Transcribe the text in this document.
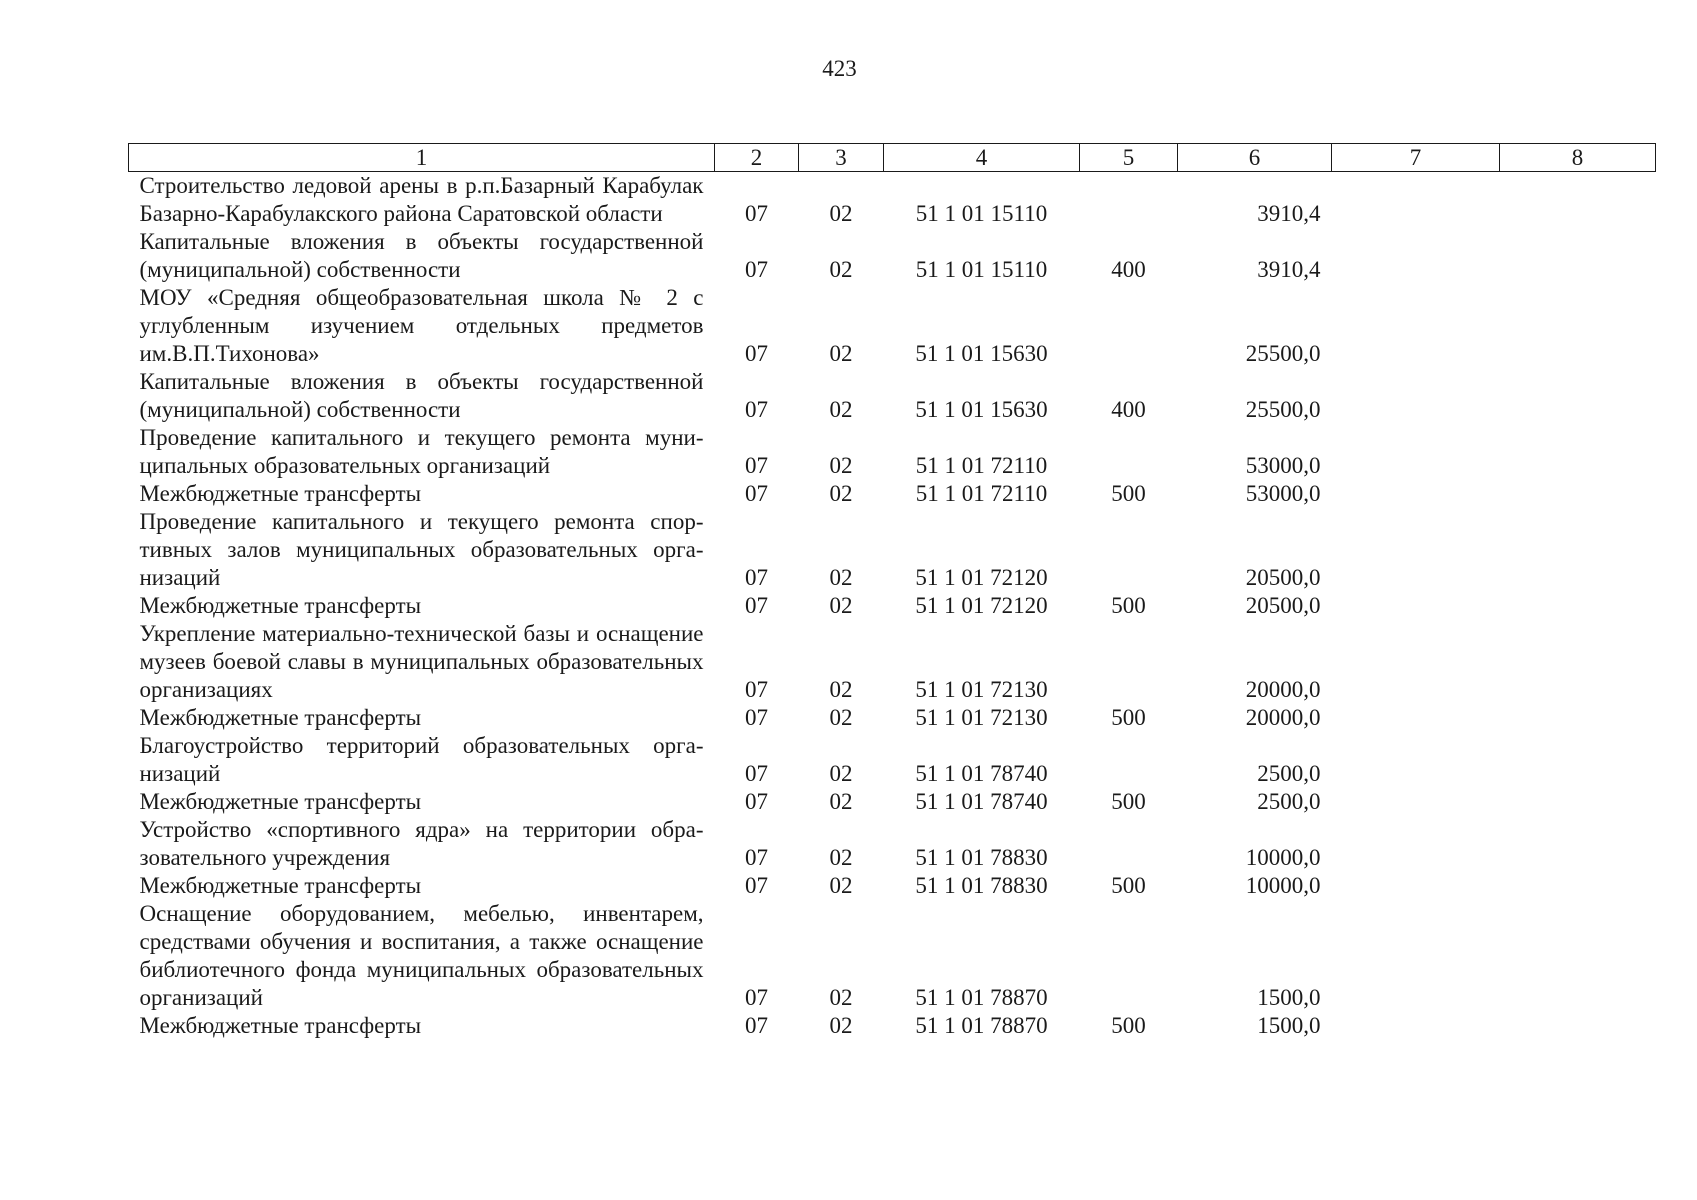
423
1	2	3	4	5	6	7	8
Строительство ледовой арены в р.п.Базарный Карабулак Базарно-Карабулакского района Саратовской области	07	02	51 1 01 15110		3910,4		
Капитальные вложения в объекты государственной (муниципальной) собственности	07	02	51 1 01 15110	400	3910,4		
МОУ «Средняя общеобразовательная школа № 2 с углубленным изучением отдельных предметов им.В.П.Тихонова»	07	02	51 1 01 15630		25500,0		
Капитальные вложения в объекты государственной (муниципальной) собственности	07	02	51 1 01 15630	400	25500,0		
Проведение капитального и текущего ремонта муниципальных образовательных организаций	07	02	51 1 01 72110		53000,0		
Межбюджетные трансферты	07	02	51 1 01 72110	500	53000,0		
Проведение капитального и текущего ремонта спортивных залов муниципальных образовательных организаций	07	02	51 1 01 72120		20500,0		
Межбюджетные трансферты	07	02	51 1 01 72120	500	20500,0		
Укрепление материально-технической базы и оснащение музеев боевой славы в муниципальных образовательных организациях	07	02	51 1 01 72130		20000,0		
Межбюджетные трансферты	07	02	51 1 01 72130	500	20000,0		
Благоустройство территорий образовательных организаций	07	02	51 1 01 78740		2500,0		
Межбюджетные трансферты	07	02	51 1 01 78740	500	2500,0		
Устройство «спортивного ядра» на территории образовательного учреждения	07	02	51 1 01 78830		10000,0		
Межбюджетные трансферты	07	02	51 1 01 78830	500	10000,0		
Оснащение оборудованием, мебелью, инвентарем, средствами обучения и воспитания, а также оснащение библиотечного фонда муниципальных образовательных организаций	07	02	51 1 01 78870		1500,0		
Межбюджетные трансферты	07	02	51 1 01 78870	500	1500,0		
